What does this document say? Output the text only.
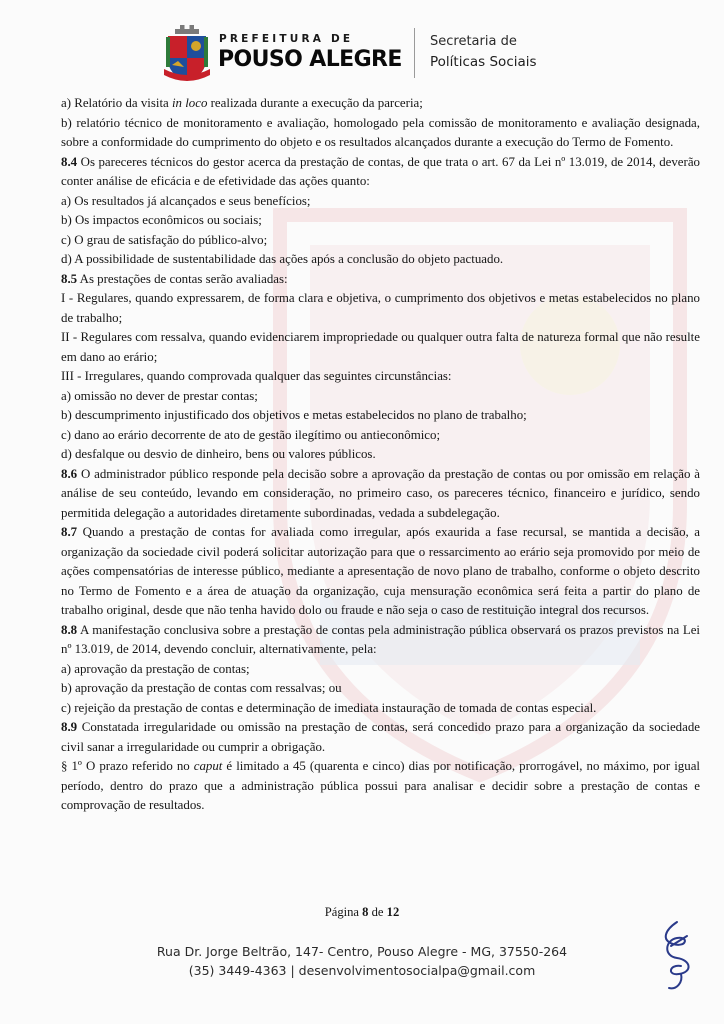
PREFEITURA DE
POUSO ALEGRE
Secretaria de
Políticas Sociais

a) Relatório da visita in loco realizada durante a execução da parceria;

b) relatório técnico de monitoramento e avaliação, homologado pela comissão de monitoramento e avaliação designada, sobre a conformidade do cumprimento do objeto e os resultados alcançados durante a execução do Termo de Fomento.

8.4 Os pareceres técnicos do gestor acerca da prestação de contas, de que trata o art. 67 da Lei nº 13.019, de 2014, deverão conter análise de eficácia e de efetividade das ações quanto:

a) Os resultados já alcançados e seus benefícios;

b) Os impactos econômicos ou sociais;

c) O grau de satisfação do público-alvo;

d) A possibilidade de sustentabilidade das ações após a conclusão do objeto pactuado.

8.5 As prestações de contas serão avaliadas:

I - Regulares, quando expressarem, de forma clara e objetiva, o cumprimento dos objetivos e metas estabelecidos no plano de trabalho;

II - Regulares com ressalva, quando evidenciarem impropriedade ou qualquer outra falta de natureza formal que não resulte em dano ao erário;

III - Irregulares, quando comprovada qualquer das seguintes circunstâncias:

a) omissão no dever de prestar contas;

b) descumprimento injustificado dos objetivos e metas estabelecidos no plano de trabalho;

c) dano ao erário decorrente de ato de gestão ilegítimo ou antieconômico;

d) desfalque ou desvio de dinheiro, bens ou valores públicos.

8.6 O administrador público responde pela decisão sobre a aprovação da prestação de contas ou por omissão em relação à análise de seu conteúdo, levando em consideração, no primeiro caso, os pareceres técnico, financeiro e jurídico, sendo permitida delegação a autoridades diretamente subordinadas, vedada a subdelegação.

8.7 Quando a prestação de contas for avaliada como irregular, após exaurida a fase recursal, se mantida a decisão, a organização da sociedade civil poderá solicitar autorização para que o ressarcimento ao erário seja promovido por meio de ações compensatórias de interesse público, mediante a apresentação de novo plano de trabalho, conforme o objeto descrito no Termo de Fomento e a área de atuação da organização, cuja mensuração econômica será feita a partir do plano de trabalho original, desde que não tenha havido dolo ou fraude e não seja o caso de restituição integral dos recursos.

8.8 A manifestação conclusiva sobre a prestação de contas pela administração pública observará os prazos previstos na Lei nº 13.019, de 2014, devendo concluir, alternativamente, pela:

a) aprovação da prestação de contas;

b) aprovação da prestação de contas com ressalvas; ou

c) rejeição da prestação de contas e determinação de imediata instauração de tomada de contas especial.

8.9 Constatada irregularidade ou omissão na prestação de contas, será concedido prazo para a organização da sociedade civil sanar a irregularidade ou cumprir a obrigação.

§ 1º O prazo referido no caput é limitado a 45 (quarenta e cinco) dias por notificação, prorrogável, no máximo, por igual período, dentro do prazo que a administração pública possui para analisar e decidir sobre a prestação de contas e comprovação de resultados.

Página 8 de 12
Rua Dr. Jorge Beltrão, 147- Centro, Pouso Alegre - MG, 37550-264
(35) 3449-4363 | desenvolvimentosocialpa@gmail.com
